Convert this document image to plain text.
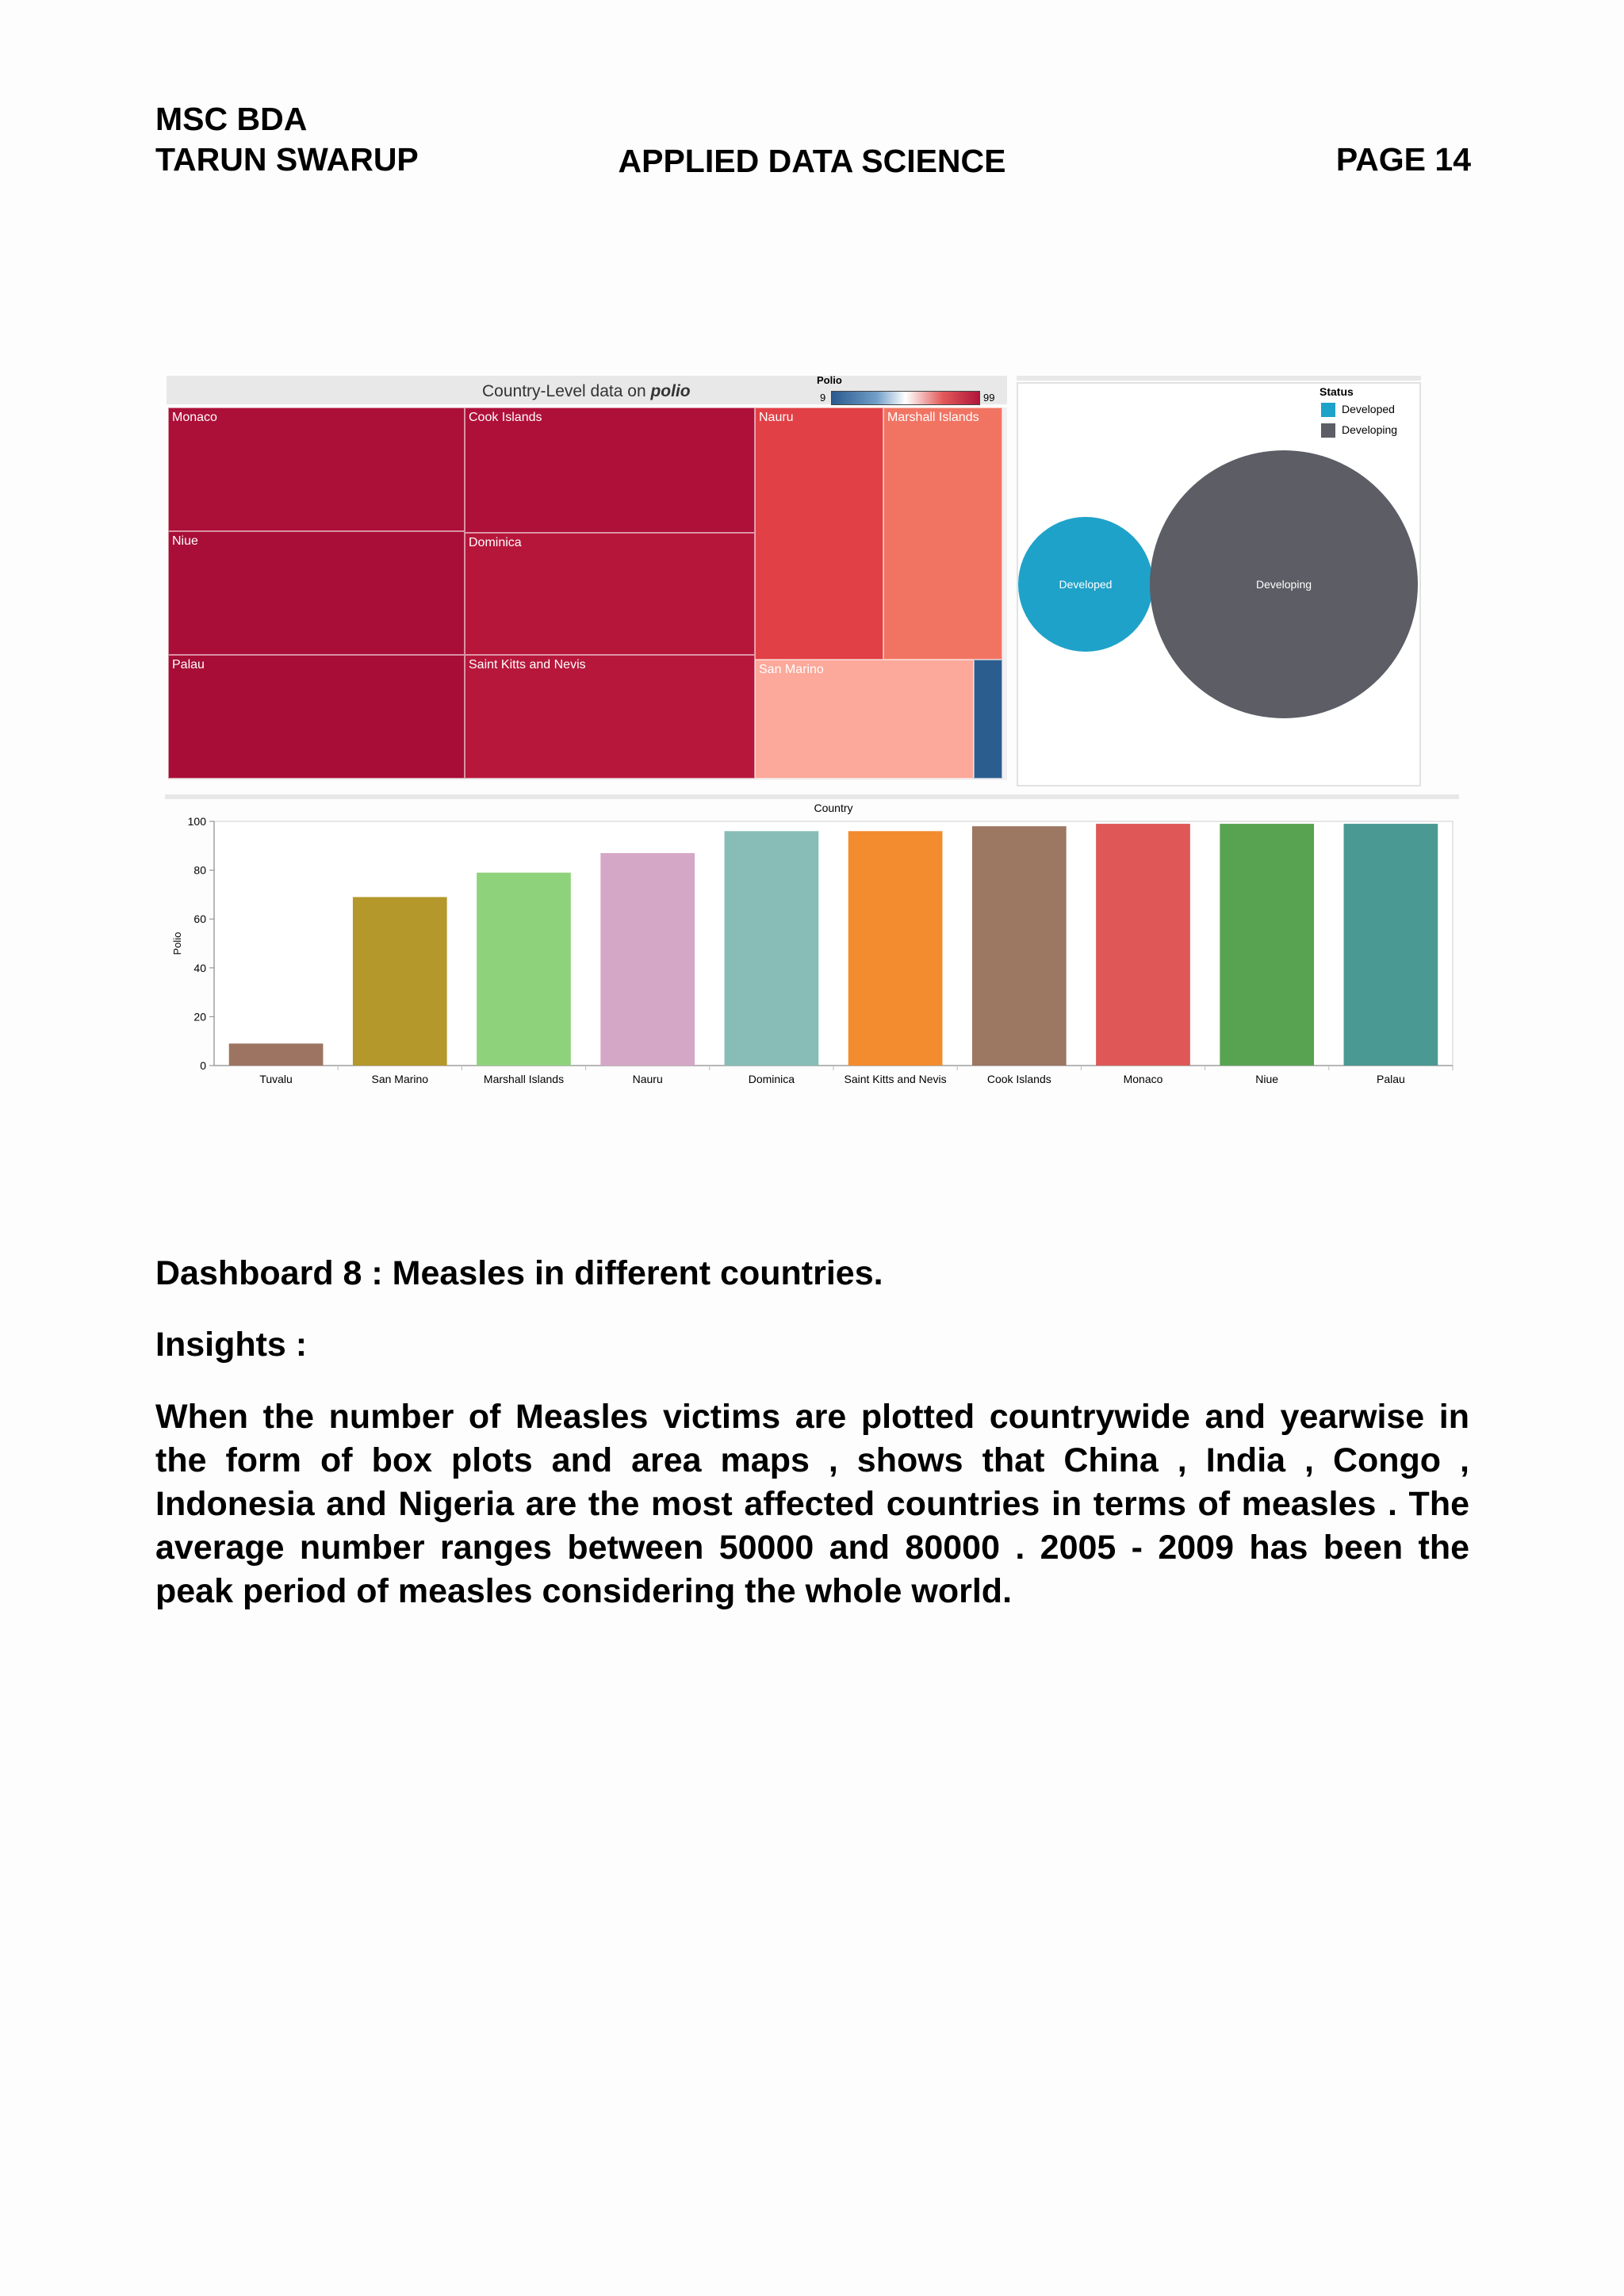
MSC BDA
TARUN SWARUP	APPLIED DATA SCIENCE	PAGE 14
Country-Level data on polio
Polio
9	99
Monaco
Niue
Palau
Cook Islands
Dominica
Saint Kitts and Nevis
Nauru	Marshall Islands
San Marino
Developed	Developing
Status
Developed
Developing
Country
Polio
0
20
40
60
80
100
Tuvalu	San Marino	Marshall Islands	Nauru	Dominica	Saint Kitts and Nevis	Cook Islands	Monaco	Niue	Palau
Dashboard 8 : Measles in different countries.
Insights :
When the number of Measles victims are plotted countrywide and yearwise in the form of box plots and area maps , shows that China , India , Congo , Indonesia and Nigeria are the most affected countries in terms of measles . The average number ranges between 50000 and 80000 . 2005 - 2009 has been the peak period of measles considering the whole world.
